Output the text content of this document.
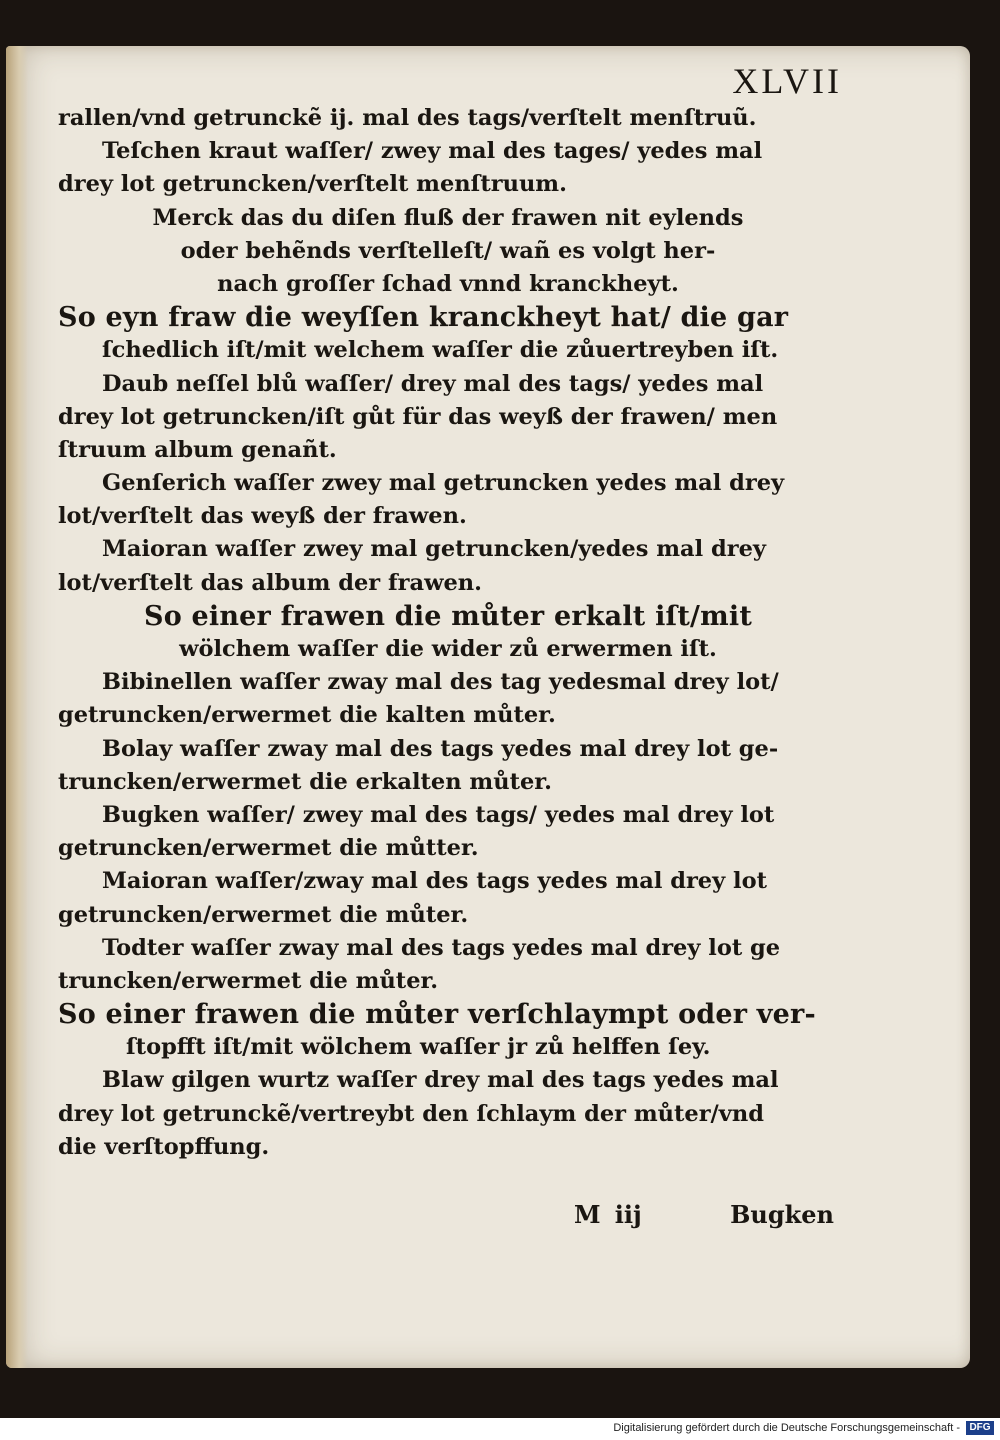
XLVII
rallen/vnd getrunckẽ ij. mal des tags/verſtelt menſtruũ.
Teſchen kraut waſſer/ zwey mal des tages/ yedes mal
drey lot getruncken/verſtelt menſtruum.
Merck das du diſen fluß der frawen nit eylends
oder behẽnds verſtelleſt/ wañ es volgt her-
nach groſſer ſchad vnnd kranckheyt.
So eyn fraw die weyſſen kranckheyt hat/ die gar
ſchedlich iſt/mit welchem waſſer die zůuertreyben iſt.
Daub neſſel blů waſſer/ drey mal des tags/ yedes mal
drey lot getruncken/iſt gůt für das weyß der frawen/ men
ſtruum album genañt.
Genſerich waſſer zwey mal getruncken yedes mal drey
lot/verſtelt das weyß der frawen.
Maioran waſſer zwey mal getruncken/yedes mal drey
lot/verſtelt das album der frawen.
So einer frawen die můter erkalt iſt/mit
wölchem waſſer die wider zů erwermen iſt.
Bibinellen waſſer zway mal des tag yedesmal drey lot/
getruncken/erwermet die kalten můter.
Bolay waſſer zway mal des tags yedes mal drey lot ge-
truncken/erwermet die erkalten můter.
Bugken waſſer/ zwey mal des tags/ yedes mal drey lot
getruncken/erwermet die můtter.
Maioran waſſer/zway mal des tags yedes mal drey lot
getruncken/erwermet die můter.
Todter waſſer zway mal des tags yedes mal drey lot ge
truncken/erwermet die můter.
So einer frawen die můter verſchlaympt oder ver-
ſtopfft iſt/mit wölchem waſſer jr zů helffen ſey.
Blaw gilgen wurtz waſſer drey mal des tags yedes mal
drey lot getrunckẽ/vertreybt den ſchlaym der můter/vnd
die verſtopffung.
M iij	Bugken
Digitalisierung gefördert durch die Deutsche Forschungsgemeinschaft - DFG
